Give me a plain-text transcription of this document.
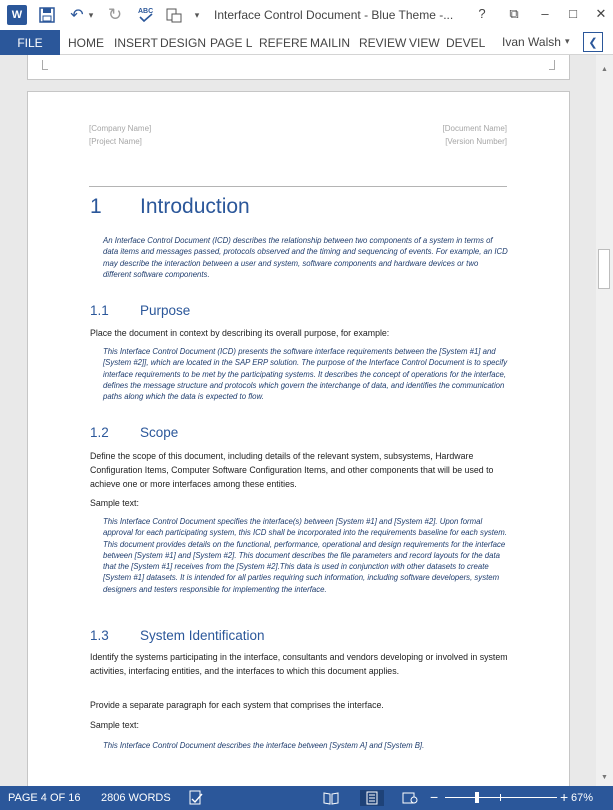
W	↶ ▾ ↻ ABC	▾ Interface Control Document - Blue Theme -...	?	⧉	–	□	✕
FILE	HOME INSERT DESIGN PAGE L REFERE MAILIN REVIEW VIEW DEVEL Ivan Walsh ▾	❮
[Company Name]
[Project Name]
[Document Name]
[Version Number]
1 Introduction
An Interface Control Document (ICD) describes the relationship between two components of a system in terms of data items and messages passed, protocols observed and the timing and sequencing of events. For example, an ICD may describe the interaction between a user and system, software components and hardware devices or two different software components.
1.1 Purpose
Place the document in context by describing its overall purpose, for example:
This Interface Control Document (ICD) presents the software interface requirements between the [System #1] and [System #2]], which are located in the SAP ERP solution. The purpose of the Interface Control Document is to specify interface requirements to be met by the participating systems. It describes the concept of operations for the interface, defines the message structure and protocols which govern the interchange of data, and identifies the communication paths along which the data is expected to flow.
1.2 Scope
Define the scope of this document, including details of the relevant system, subsystems, Hardware Configuration Items, Computer Software Configuration Items, and other components that will be used to achieve one or more interfaces among these entities.
Sample text:
This Interface Control Document specifies the interface(s) between [System #1] and [System #2]. Upon formal approval for each participating system, this ICD shall be incorporated into the requirements baseline for each system. This document provides details on the functional, performance, operational and design requirements for the interface between [System #1] and [System #2]. This document describes the file parameters and record layouts for the data that the [System #1] receives from the [System #2].This data is used in conjunction with other datasets to create [System #1] datasets. It is intended for all parties requiring such information, including software developers, system designers and testers responsible for implementing the interface.
1.3 System Identification
Identify the systems participating in the interface, consultants and vendors developing or involved in system activities, interfacing entities, and the interfaces to which this document applies.
Provide a separate paragraph for each system that comprises the interface.
Sample text:
This Interface Control Document describes the interface between [System A] and [System B].
▲
▼
PAGE 4 OF 16 2806 WORDS	−	+ 67%
